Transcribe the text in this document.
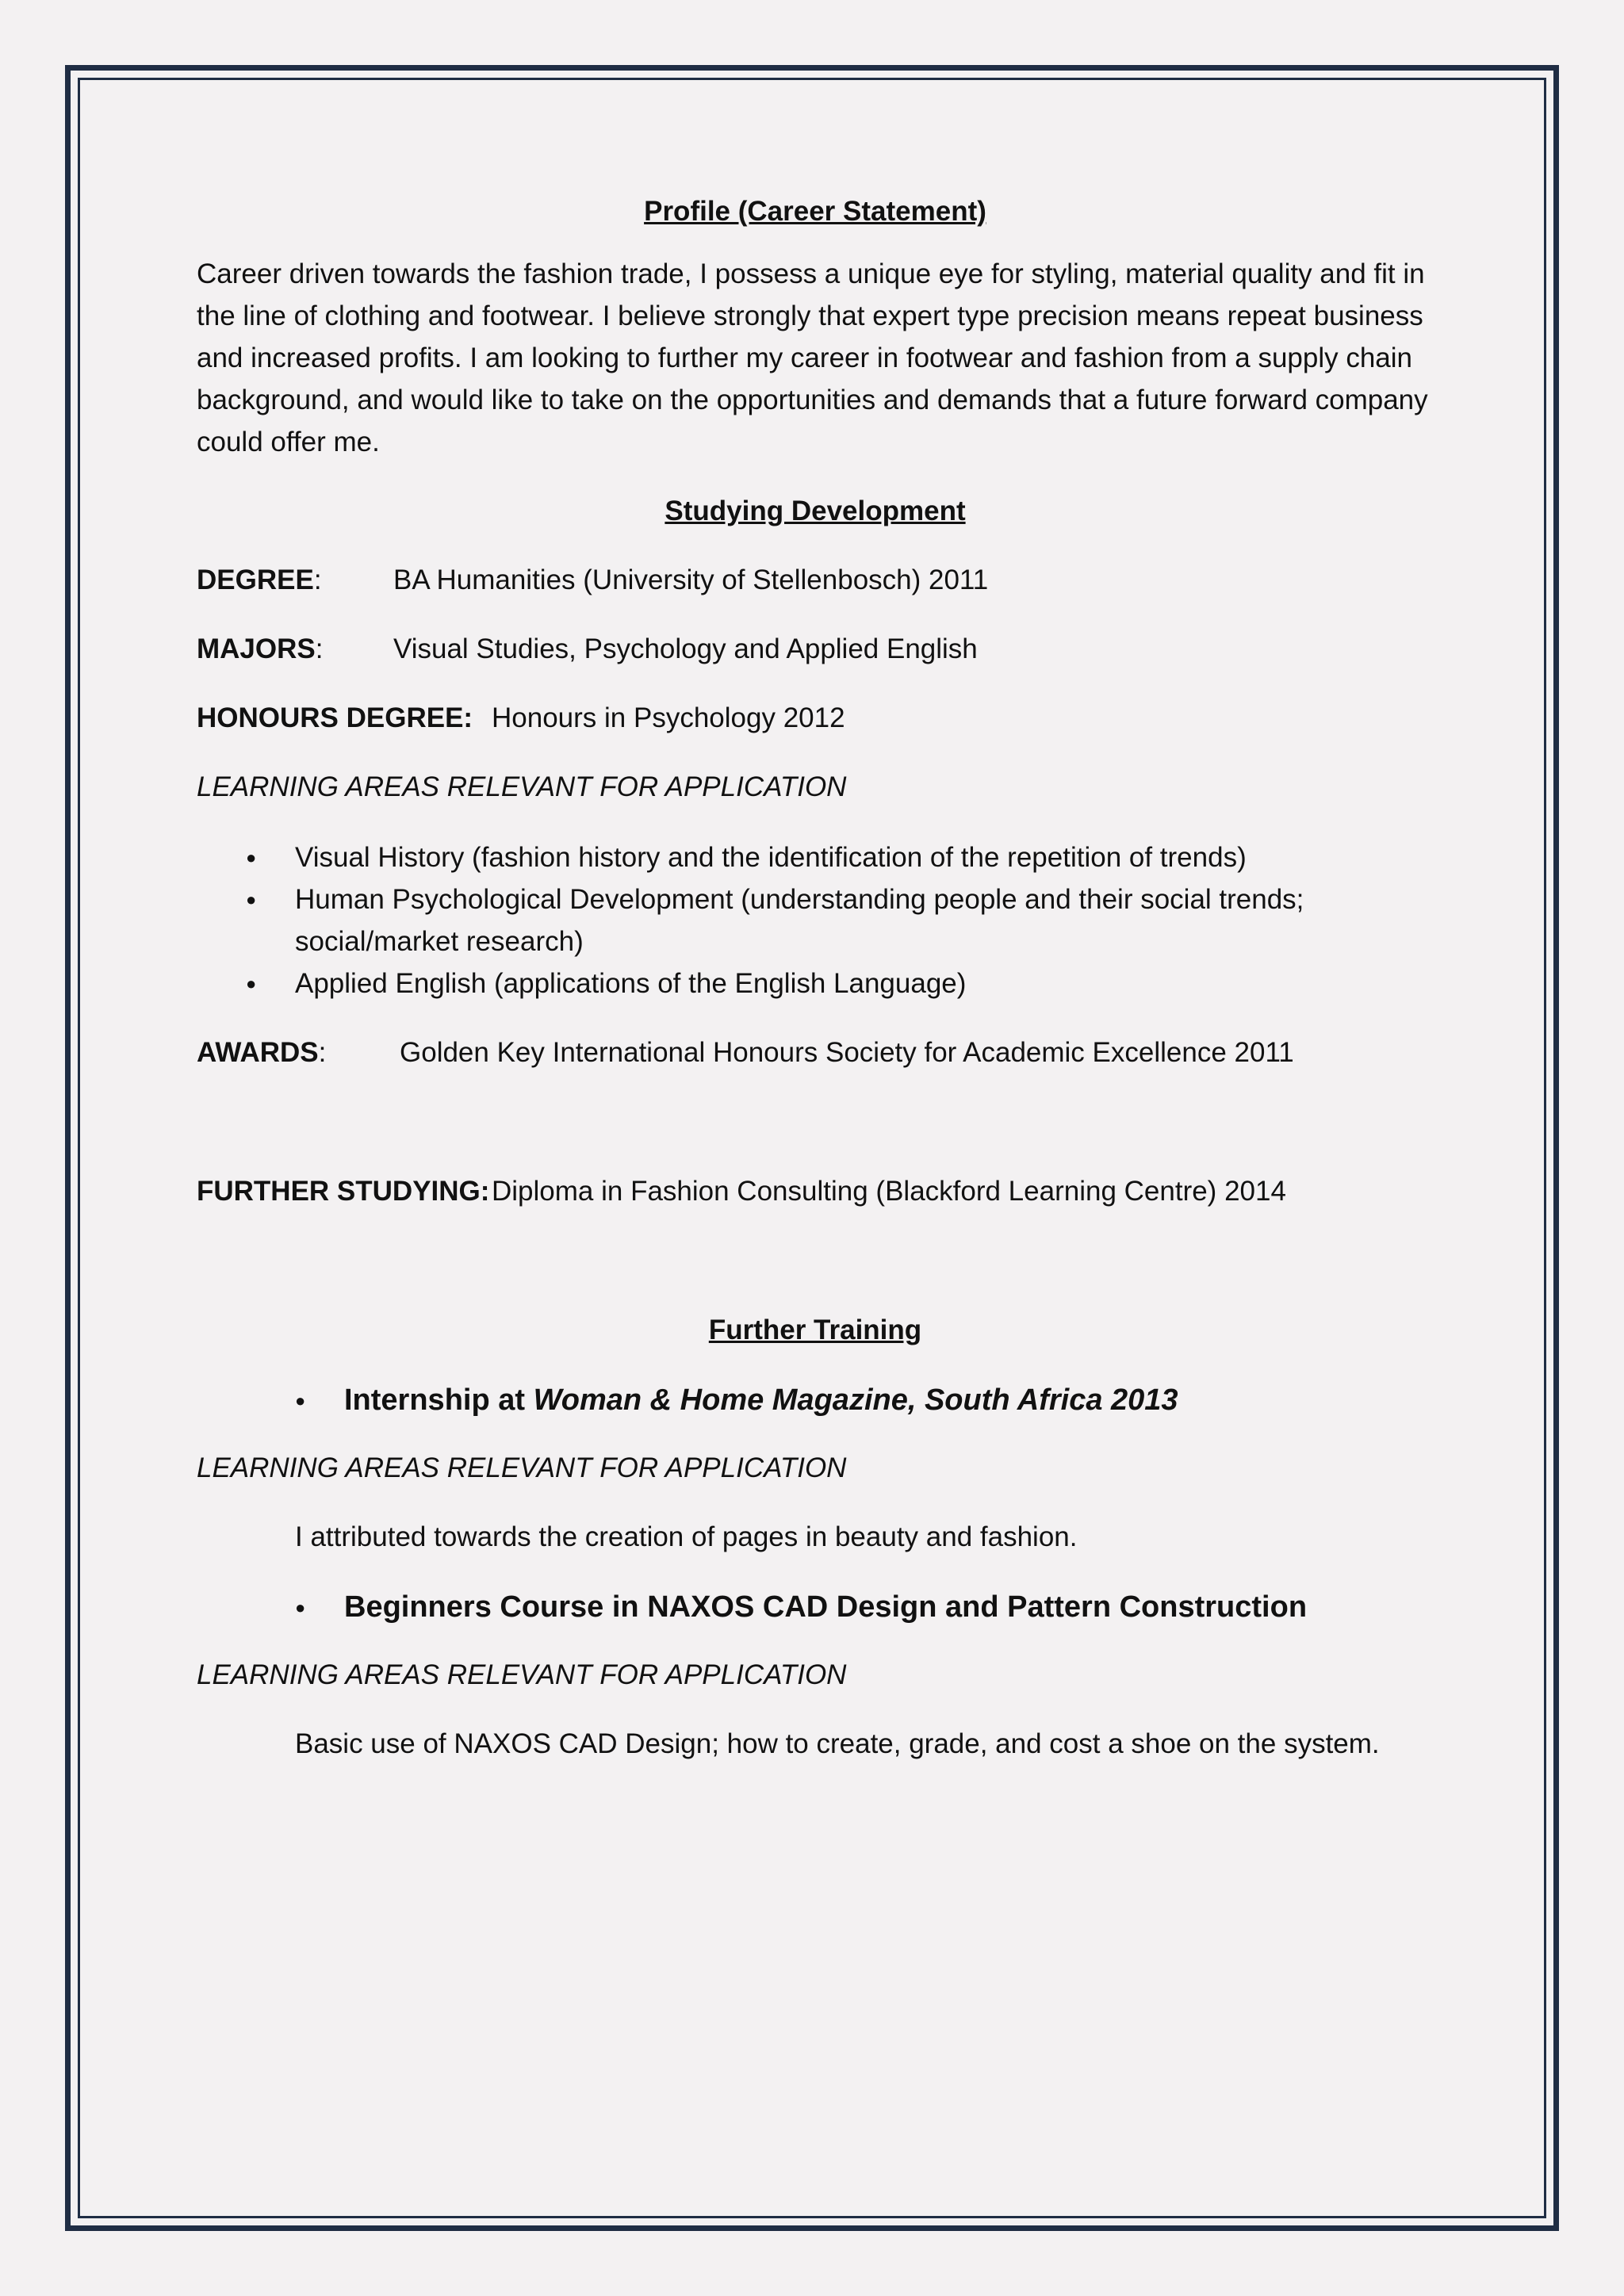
Profile (Career Statement)

Career driven towards the fashion trade, I possess a unique eye for styling, material quality and fit in the line of clothing and footwear. I believe strongly that expert type precision means repeat business and increased profits. I am looking to further my career in footwear and fashion from a supply chain background, and would like to take on the opportunities and demands that a future forward company could offer me.

Studying Development

DEGREE:	BA Humanities (University of Stellenbosch) 2011
MAJORS:	Visual Studies, Psychology and Applied English
HONOURS DEGREE: Honours in Psychology 2012

LEARNING AREAS RELEVANT FOR APPLICATION

● Visual History (fashion history and the identification of the repetition of trends)
● Human Psychological Development (understanding people and their social trends; social/market research)
● Applied English (applications of the English Language)
AWARDS:	Golden Key International Honours Society for Academic Excellence 2011
FURTHER STUDYING: Diploma in Fashion Consulting (Blackford Learning Centre) 2014

Further Training

● Internship at Woman & Home Magazine, South Africa 2013

LEARNING AREAS RELEVANT FOR APPLICATION

I attributed towards the creation of pages in beauty and fashion.

● Beginners Course in NAXOS CAD Design and Pattern Construction

LEARNING AREAS RELEVANT FOR APPLICATION

Basic use of NAXOS CAD Design; how to create, grade, and cost a shoe on the system.
